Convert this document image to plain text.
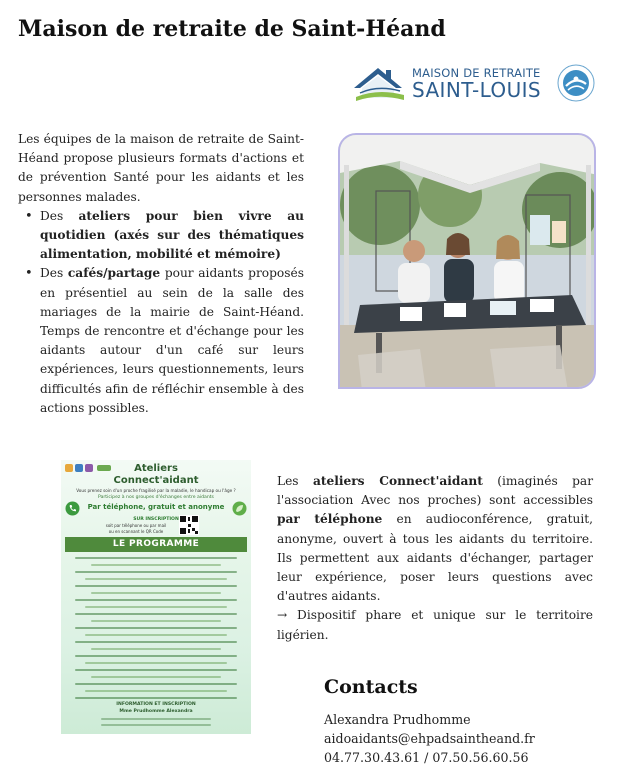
Maison de retraite de Saint-Héand
MAISON DE RETRAITE
SAINT-LOUIS

Les équipes de la maison de retraite de Saint-Héand propose plusieurs formats d'actions et de prévention Santé pour les aidants et les personnes malades.

• Des ateliers pour bien vivre au quotidien (axés sur des thématiques alimentation, mobilité et mémoire)
• Des cafés/partage pour aidants proposés en présentiel au sein de la salle des mariages de la mairie de Saint-Héand. Temps de rencontre et d'échange pour les aidants autour d'un café sur leurs expériences, leurs questionnements, leurs difficultés afin de réfléchir ensemble à des actions possibles.
Ateliers
Connect'aidant
Vous prenez soin d'un proche fragilisé par la maladie, le handicap ou l'âge ?
Participez à nos groupes d'échanges entre aidants
Par téléphone, gratuit et anonyme
SUR INSCRIPTION
soit par téléphone ou par mail
ou en scannant le QR Code
LE PROGRAMME
INFORMATION ET INSCRIPTION
Mme Prudhomme Alexandra

Les ateliers Connect'aidant (imaginés par l'association Avec nos proches) sont accessibles par téléphone en audioconférence, gratuit, anonyme, ouvert à tous les aidants du territoire. Ils permettent aux aidants d'échanger, partager leur expérience, poser leurs questions avec d'autres aidants.

→ Dispositif phare et unique sur le territoire ligérien.

Contacts
Alexandra Prudhomme
aidoaidants@ehpadsaintheand.fr
04.77.30.43.61 / 07.50.56.60.56
